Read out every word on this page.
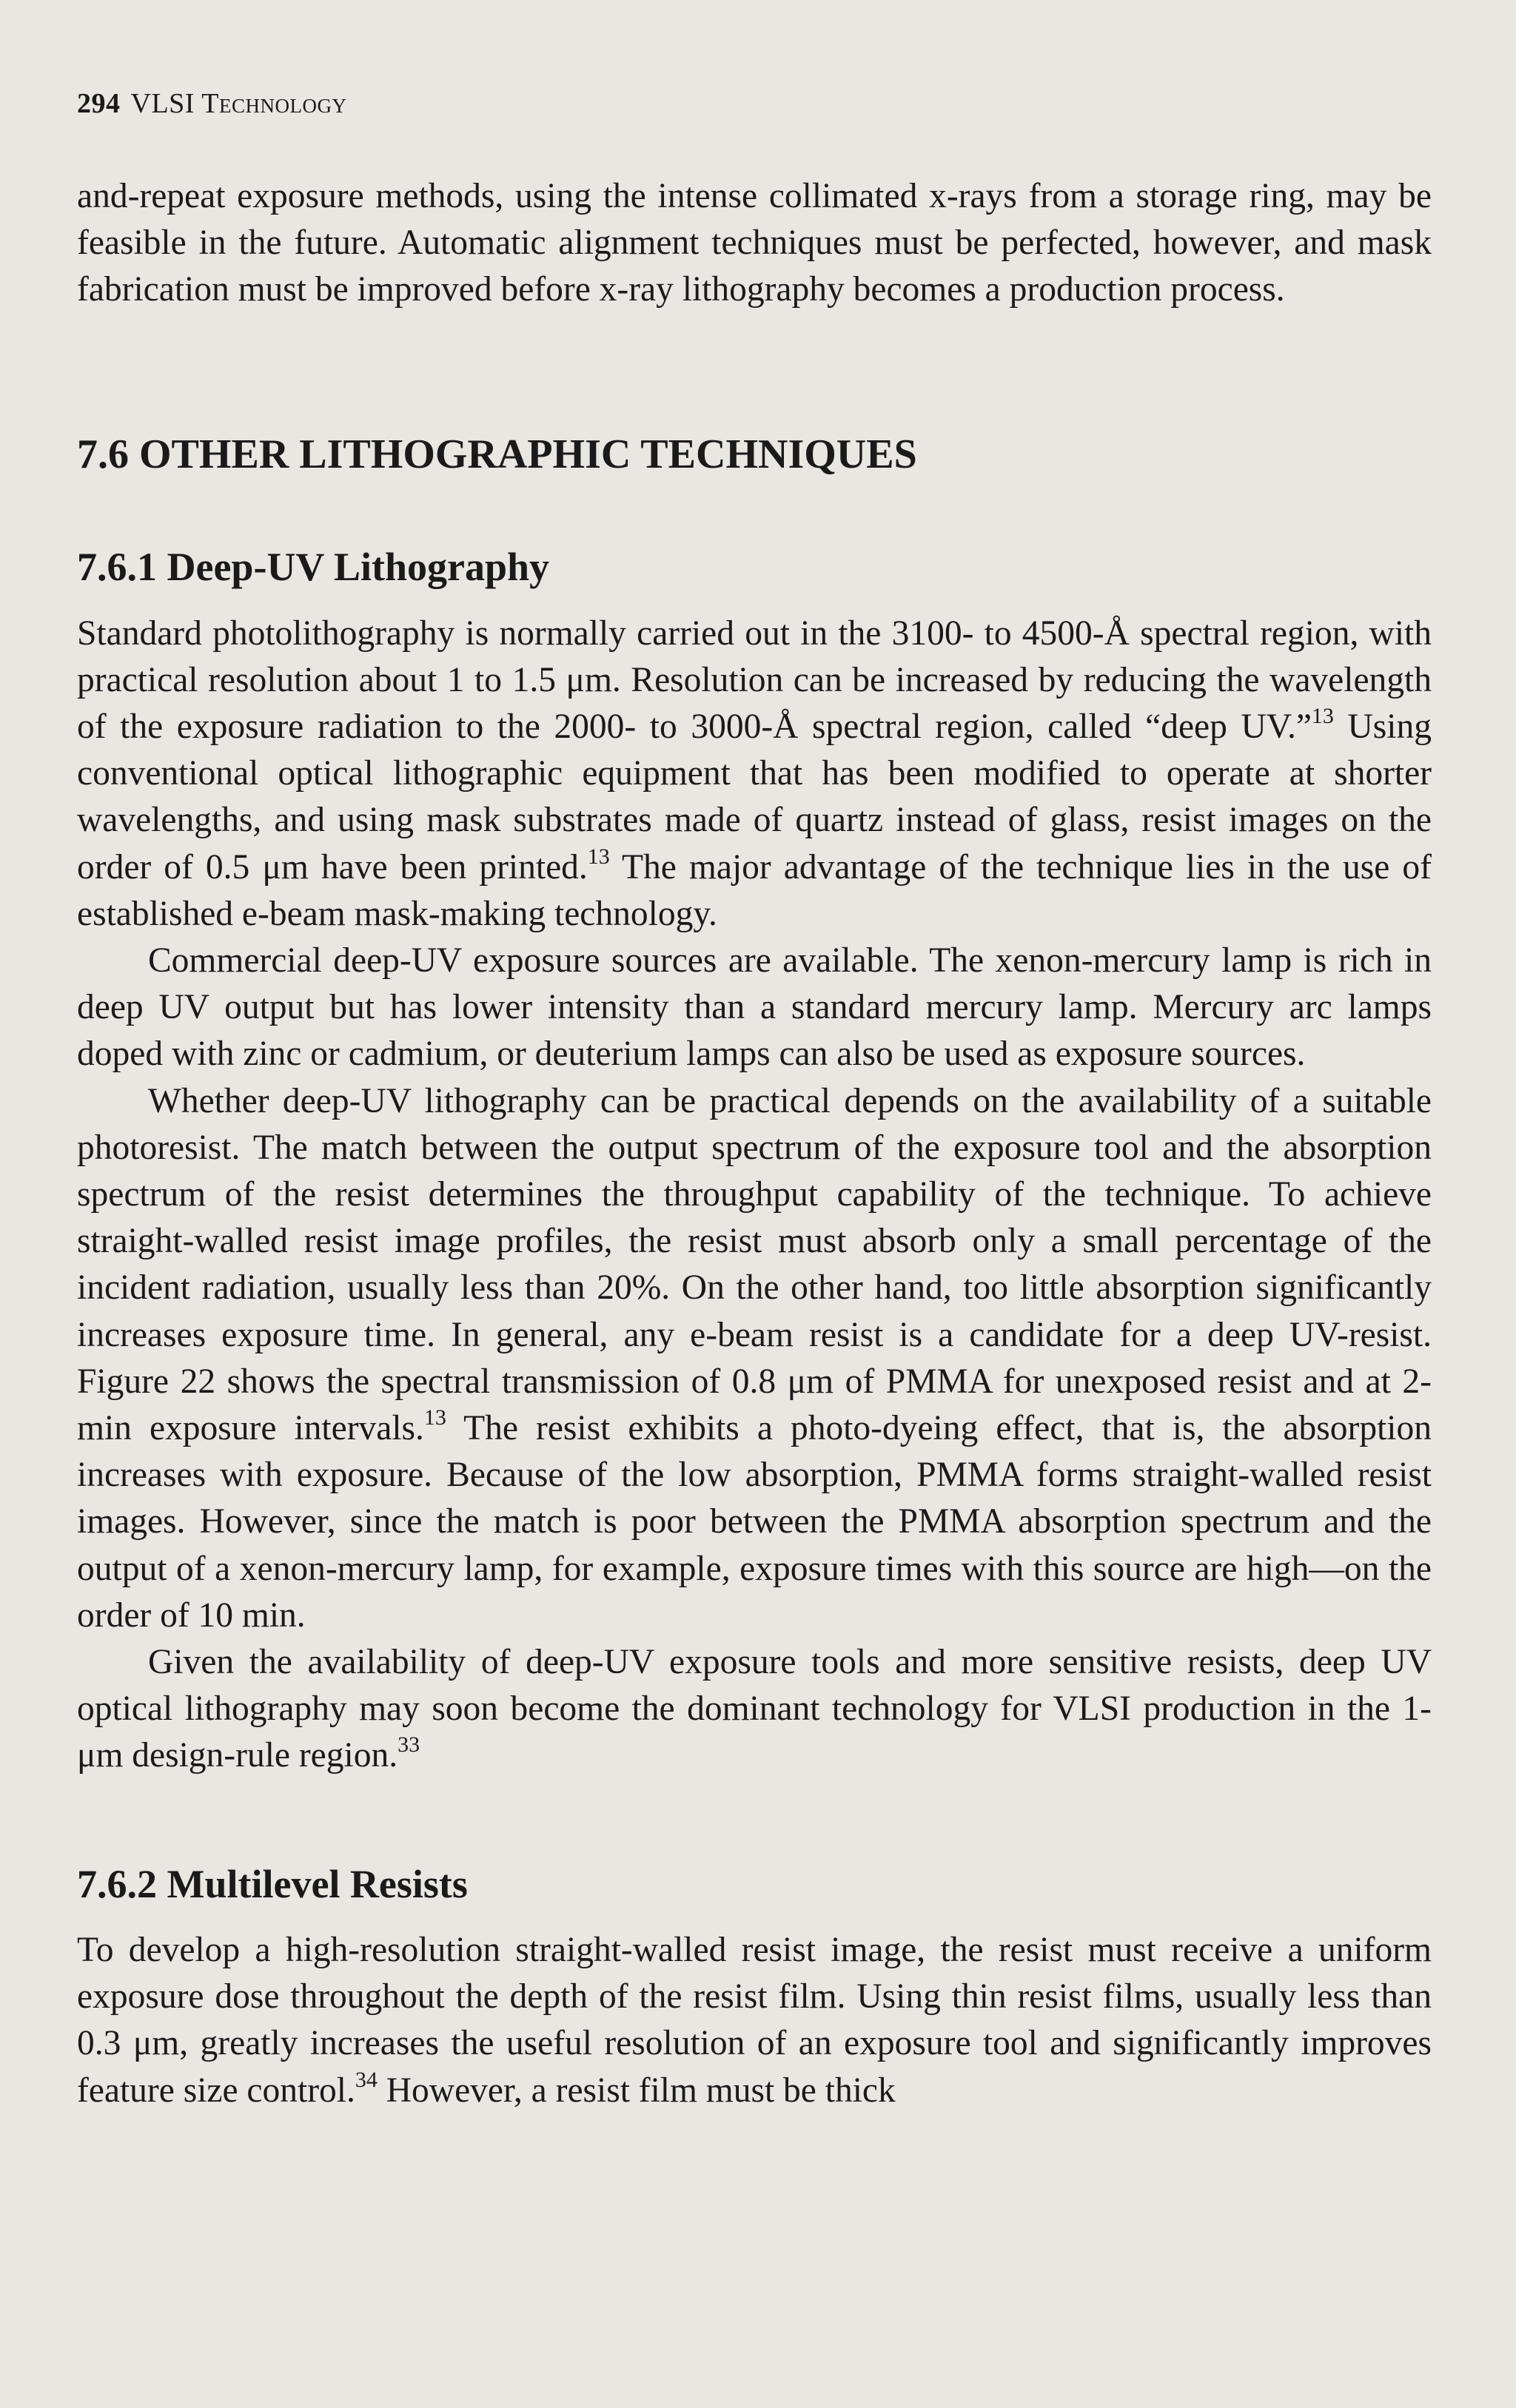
294 VLSI Technology

and-repeat exposure methods, using the intense collimated x-rays from a storage ring, may be feasible in the future. Automatic alignment techniques must be perfected, however, and mask fabrication must be improved before x-ray lithography becomes a production process.

7.6 OTHER LITHOGRAPHIC TECHNIQUES
7.6.1 Deep-UV Lithography

Standard photolithography is normally carried out in the 3100- to 4500-Å spectral region, with practical resolution about 1 to 1.5 μm. Resolution can be increased by reducing the wavelength of the exposure radiation to the 2000- to 3000-Å spectral region, called “deep UV.”$^{13}$ Using conventional optical lithographic equipment that has been modified to operate at shorter wavelengths, and using mask substrates made of quartz instead of glass, resist images on the order of 0.5 μm have been printed.$^{13}$ The major advantage of the technique lies in the use of established e-beam mask-making technology.

Commercial deep-UV exposure sources are available. The xenon-mercury lamp is rich in deep UV output but has lower intensity than a standard mercury lamp. Mercury arc lamps doped with zinc or cadmium, or deuterium lamps can also be used as exposure sources.

Whether deep-UV lithography can be practical depends on the availability of a suitable photoresist. The match between the output spectrum of the exposure tool and the absorption spectrum of the resist determines the throughput capability of the technique. To achieve straight-walled resist image profiles, the resist must absorb only a small percentage of the incident radiation, usually less than 20%. On the other hand, too little absorption significantly increases exposure time. In general, any e-beam resist is a candidate for a deep UV-resist. Figure 22 shows the spectral transmission of 0.8 μm of PMMA for unexposed resist and at 2-min exposure intervals.$^{13}$ The resist exhibits a photo-dyeing effect, that is, the absorption increases with exposure. Because of the low absorption, PMMA forms straight-walled resist images. However, since the match is poor between the PMMA absorption spectrum and the output of a xenon-mercury lamp, for example, exposure times with this source are high—on the order of 10 min.

Given the availability of deep-UV exposure tools and more sensitive resists, deep UV optical lithography may soon become the dominant technology for VLSI production in the 1-μm design-rule region.$^{33}$

7.6.2 Multilevel Resists

To develop a high-resolution straight-walled resist image, the resist must receive a uniform exposure dose throughout the depth of the resist film. Using thin resist films, usually less than 0.3 μm, greatly increases the useful resolution of an exposure tool and significantly improves feature size control.$^{34}$ However, a resist film must be thick
